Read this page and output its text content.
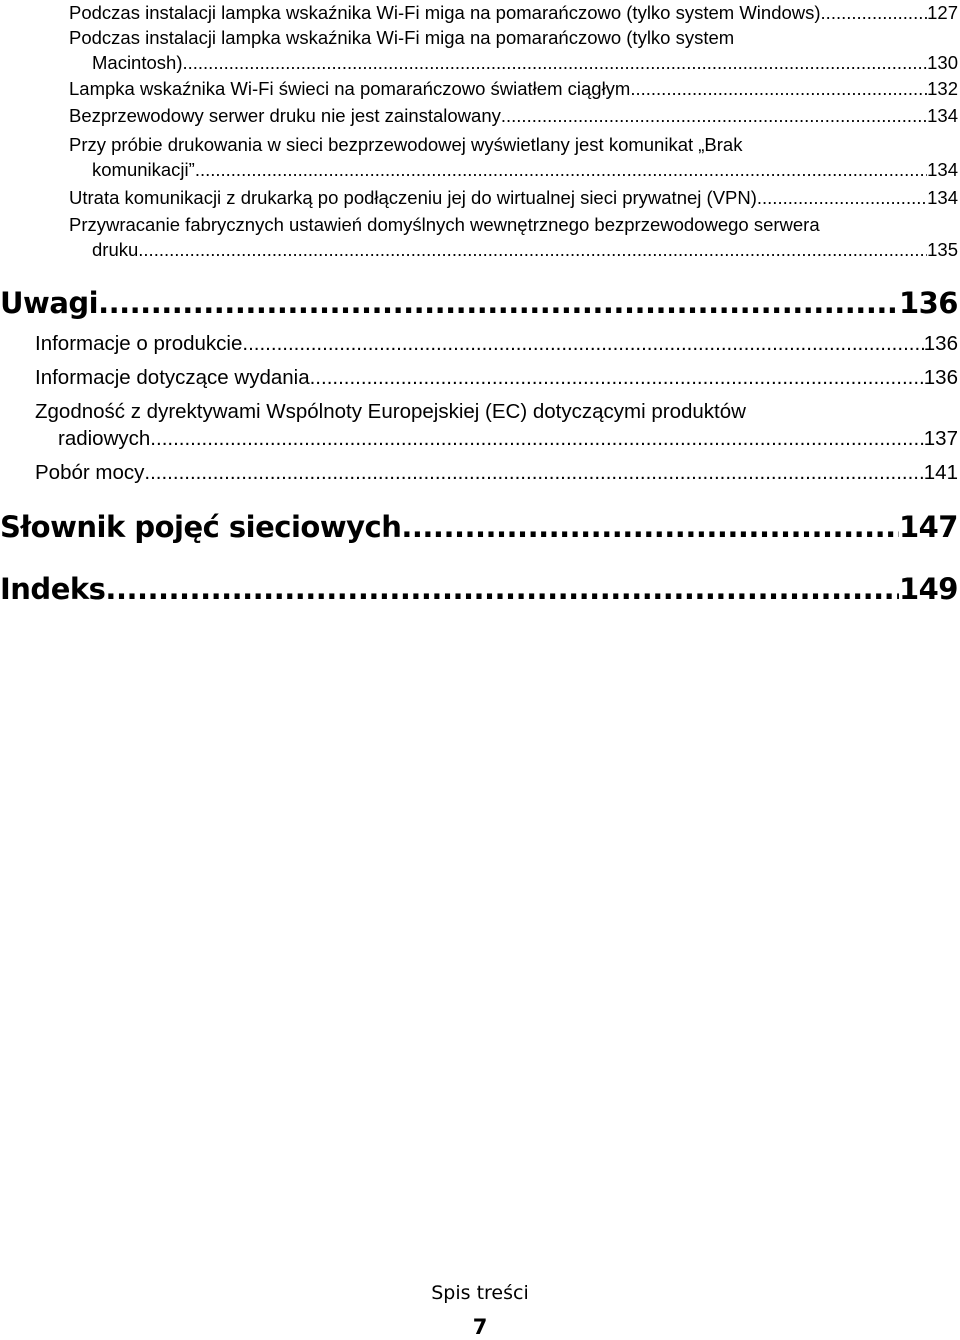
Podczas instalacji lampka wskaźnika Wi-Fi miga na pomarańczowo (tylko system Windows) .....	127
Podczas instalacji lampka wskaźnika Wi-Fi miga na pomarańczowo (tylko system
Macintosh). .....	130
Lampka wskaźnika Wi-Fi świeci na pomarańczowo światłem ciągłym .....	132
Bezprzewodowy serwer druku nie jest zainstalowany .....	134
Przy próbie drukowania w sieci bezprzewodowej wyświetlany jest komunikat „Brak
komunikacji” .....	134
Utrata komunikacji z drukarką po podłączeniu jej do wirtualnej sieci prywatnej (VPN) .....	134
Przywracanie fabrycznych ustawień domyślnych wewnętrznego bezprzewodowego serwera
druku .....	135
Uwagi .....	136
Informacje o produkcie .....	136
Informacje dotyczące wydania .....	136
Zgodność z dyrektywami Wspólnoty Europejskiej (EC) dotyczącymi produktów
radiowych .....	137
Pobór mocy .....	141
Słownik pojęć sieciowych .....	147
Indeks .....	149
Spis treści
7
